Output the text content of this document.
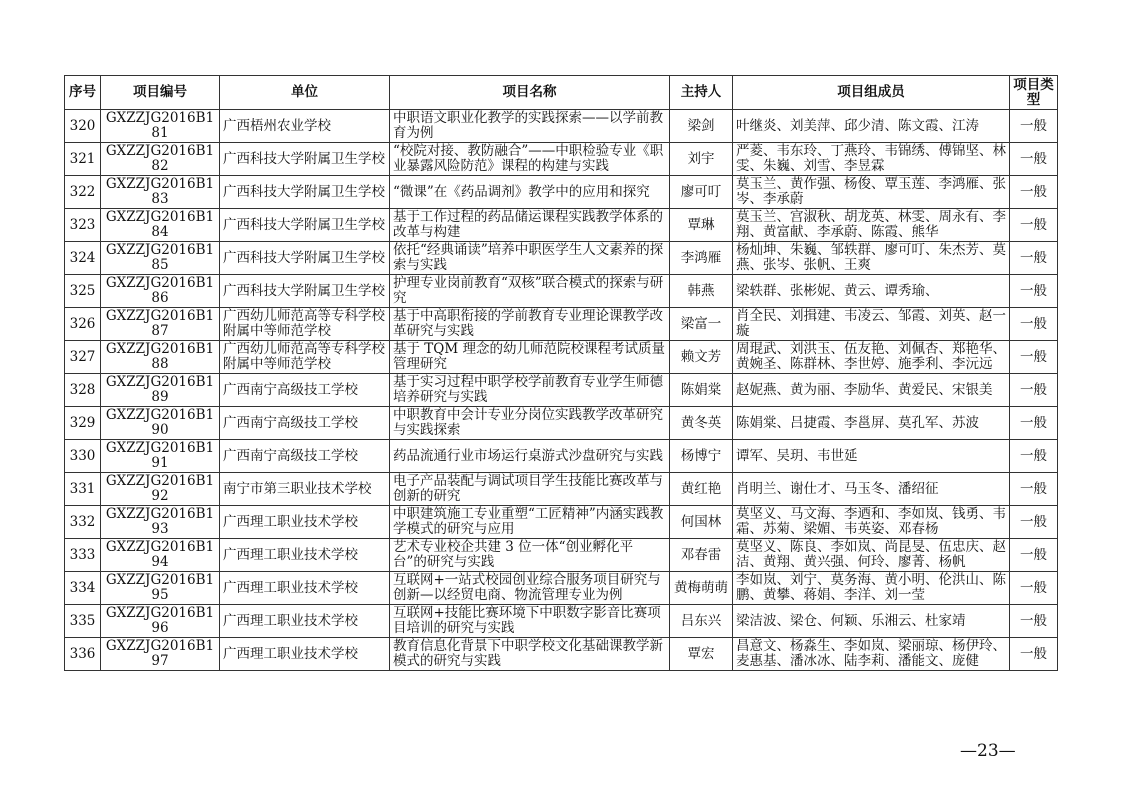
序号	项目编号	单位	项目名称	主持人	项目组成员	项目类型
320	GXZZJG2016B181	广西梧州农业学校	中职语文职业化教学的实践探索——以学前教育为例	梁剑	叶继炎、刘美萍、邱少清、陈文霞、江涛	一般
321	GXZZJG2016B182	广西科技大学附属卫生学校	“校院对接、教防融合”——中职检验专业《职业暴露风险防范》课程的构建与实践	刘宇	严菱、韦东玲、丁燕玲、韦锦绣、傅锦坚、林雯、朱巍、刘雪、李昱霖	一般
322	GXZZJG2016B183	广西科技大学附属卫生学校	“微课”在《药品调剂》教学中的应用和探究	廖可叮	莫玉兰、黄作强、杨俊、覃玉莲、李鸿雁、张岑、李承蔚	一般
323	GXZZJG2016B184	广西科技大学附属卫生学校	基于工作过程的药品储运课程实践教学体系的改革与构建	覃琳	莫玉兰、宫淑秋、胡龙英、林雯、周永有、李翔、黄富献、李承蔚、陈霞、熊华	一般
324	GXZZJG2016B185	广西科技大学附属卫生学校	依托“经典诵读”培养中职医学生人文素养的探索与实践	李鸿雁	杨灿坤、朱巍、邹轶群、廖可叮、朱杰芳、莫燕、张岑、张帆、王爽	一般
325	GXZZJG2016B186	广西科技大学附属卫生学校	护理专业岗前教育“双核”联合模式的探索与研究	韩燕	梁轶群、张彬妮、黄云、谭秀瑜、	一般
326	GXZZJG2016B187	广西幼儿师范高等专科学校附属中等师范学校	基于中高职衔接的学前教育专业理论课教学改革研究与实践	梁富一	肖全民、刘揖建、韦凌云、邹霞、刘英、赵一璇	一般
327	GXZZJG2016B188	广西幼儿师范高等专科学校附属中等师范学校	基于 TQM 理念的幼儿师范院校课程考试质量管理研究	赖文芳	周琨武、刘洪玉、伍友艳、刘佩杏、郑艳华、黄婉圣、陈群林、李世婷、施季利、李沅远	一般
328	GXZZJG2016B189	广西南宁高级技工学校	基于实习过程中职学校学前教育专业学生师德培养研究与实践	陈娟棠	赵妮燕、黄为丽、李励华、黄爱民、宋银美	一般
329	GXZZJG2016B190	广西南宁高级技工学校	中职教育中会计专业分岗位实践教学改革研究与实践探索	黄冬英	陈娟棠、吕捷霞、李邕屏、莫孔军、苏波	一般
330	GXZZJG2016B191	广西南宁高级技工学校	药品流通行业市场运行桌游式沙盘研究与实践	杨博宁	谭军、吴玥、韦世延	一般
331	GXZZJG2016B192	南宁市第三职业技术学校	电子产品装配与调试项目学生技能比赛改革与创新的研究	黄红艳	肖明兰、谢仕才、马玉冬、潘绍征	一般
332	GXZZJG2016B193	广西理工职业技术学校	中职建筑施工专业重塑“工匠精神”内涵实践教学模式的研究与应用	何国林	莫坚义、马文海、李迺和、李如岚、钱勇、韦霜、苏菊、梁媚、韦英姿、邓春杨	一般
333	GXZZJG2016B194	广西理工职业技术学校	艺术专业校企共建 3 位一体“创业孵化平台”的研究与实践	邓春雷	莫坚义、陈良、李如岚、尚昆旻、伍忠庆、赵洁、黄翔、黄兴强、何玲、廖菁、杨帆	一般
334	GXZZJG2016B195	广西理工职业技术学校	互联网+一站式校园创业综合服务项目研究与创新—以经贸电商、物流管理专业为例	黄梅萌萌	李如岚、刘宁、莫务海、黄小明、伦洪山、陈鹏、黄攀、蒋娟、李洋、刘一莹	一般
335	GXZZJG2016B196	广西理工职业技术学校	互联网+技能比赛环境下中职数字影音比赛项目培训的研究与实践	吕东兴	梁洁波、梁仓、何颖、乐湘云、杜家靖	一般
336	GXZZJG2016B197	广西理工职业技术学校	教育信息化背景下中职学校文化基础课教学新模式的研究与实践	覃宏	昌意文、杨淼生、李如岚、梁丽琼、杨伊玲、麦惠基、潘冰冰、陆李莉、潘能文、庞健	一般
—23—
